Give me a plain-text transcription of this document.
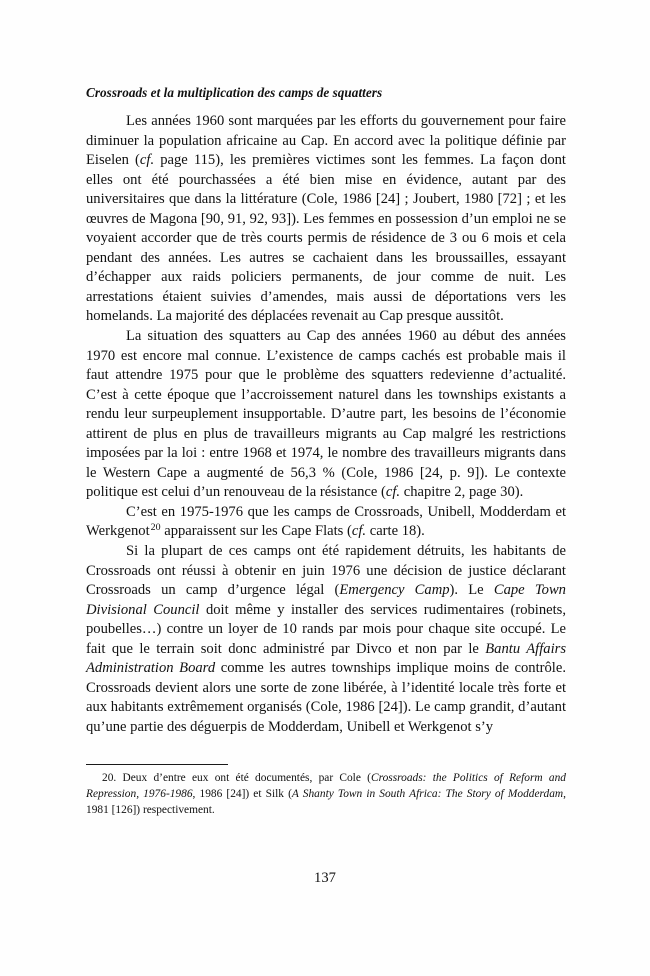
Crossroads et la multiplication des camps de squatters

Les années 1960 sont marquées par les efforts du gouvernement pour faire diminuer la population africaine au Cap. En accord avec la politique définie par Eiselen (cf. page 115), les premières victimes sont les femmes. La façon dont elles ont été pourchassées a été bien mise en évidence, autant par des universitaires que dans la littérature (Cole, 1986 [24] ; Joubert, 1980 [72] ; et les œuvres de Magona [90, 91, 92, 93]). Les femmes en possession d’un emploi ne se voyaient accorder que de très courts permis de résidence de 3 ou 6 mois et cela pendant des années. Les autres se cachaient dans les broussailles, essayant d’échapper aux raids policiers permanents, de jour comme de nuit. Les arrestations étaient suivies d’amendes, mais aussi de déportations vers les homelands. La majorité des déplacées revenait au Cap presque aussitôt.

La situation des squatters au Cap des années 1960 au début des années 1970 est encore mal connue. L’existence de camps cachés est probable mais il faut attendre 1975 pour que le problème des squatters redevienne d’actualité. C’est à cette époque que l’accroissement naturel dans les townships existants a rendu leur surpeuplement insupportable. D’autre part, les besoins de l’économie attirent de plus en plus de travailleurs migrants au Cap malgré les restrictions imposées par la loi : entre 1968 et 1974, le nombre des travailleurs migrants dans le Western Cape a augmenté de 56,3 % (Cole, 1986 [24, p. 9]). Le contexte politique est celui d’un renouveau de la résistance (cf. chapitre 2, page 30).

C’est en 1975-1976 que les camps de Crossroads, Unibell, Modderdam et Werkgenot$^{20}$ apparaissent sur les Cape Flats (cf. carte 18).

Si la plupart de ces camps ont été rapidement détruits, les habitants de Crossroads ont réussi à obtenir en juin 1976 une décision de justice déclarant Crossroads un camp d’urgence légal (Emergency Camp). Le Cape Town Divisional Council doit même y installer des services rudimentaires (robinets, poubelles…) contre un loyer de 10 rands par mois pour chaque site occupé. Le fait que le terrain soit donc administré par Divco et non par le Bantu Affairs Administration Board comme les autres townships implique moins de contrôle. Crossroads devient alors une sorte de zone libérée, à l’identité locale très forte et aux habitants extrêmement organisés (Cole, 1986 [24]). Le camp grandit, d’autant qu’une partie des déguerpis de Modderdam, Unibell et Werkgenot s’y

20. Deux d’entre eux ont été documentés, par Cole (Crossroads: the Politics of Reform and Repression, 1976-1986, 1986 [24]) et Silk (A Shanty Town in South Africa: The Story of Modderdam, 1981 [126]) respectivement.

137
